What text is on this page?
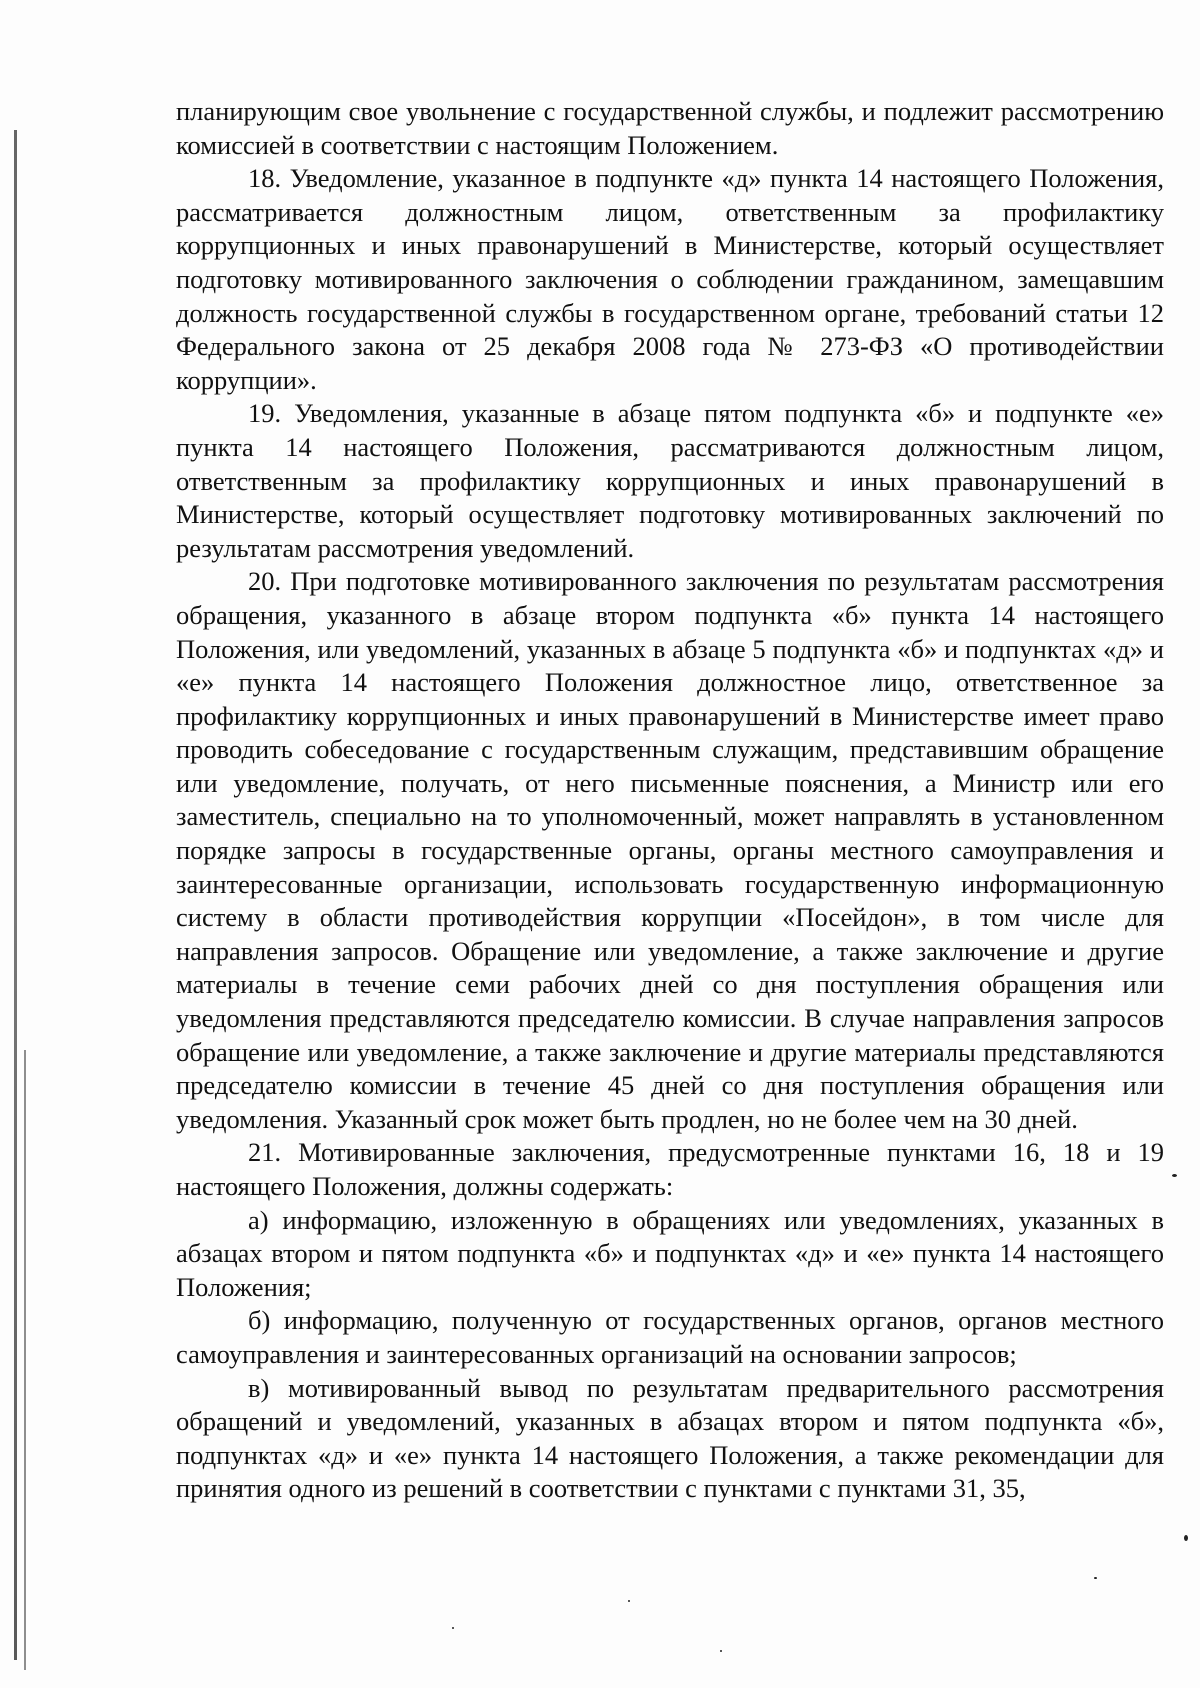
планирующим свое увольнение с государственной службы, и подлежит рассмотрению комиссией в соответствии с настоящим Положением.

18. Уведомление, указанное в подпункте «д» пункта 14 настоящего Положения, рассматривается должностным лицом, ответственным за профилактику коррупционных и иных правонарушений в Министерстве, который осуществляет подготовку мотивированного заключения о соблюдении гражданином, замещавшим должность государственной службы в государственном органе, требований статьи 12 Федерального закона от 25 декабря 2008 года № 273-ФЗ «О противодействии коррупции».

19. Уведомления, указанные в абзаце пятом подпункта «б» и подпункте «е» пункта 14 настоящего Положения, рассматриваются должностным лицом, ответственным за профилактику коррупционных и иных правонарушений в Министерстве, который осуществляет подготовку мотивированных заключений по результатам рассмотрения уведомлений.

20. При подготовке мотивированного заключения по результатам рассмотрения обращения, указанного в абзаце втором подпункта «б» пункта 14 настоящего Положения, или уведомлений, указанных в абзаце 5 подпункта «б» и подпунктах «д» и «е» пункта 14 настоящего Положения должностное лицо, ответственное за профилактику коррупционных и иных правонарушений в Министерстве имеет право проводить собеседование с государственным служащим, представившим обращение или уведомление, получать, от него письменные пояснения, а Министр или его заместитель, специально на то уполномоченный, может направлять в установленном порядке запросы в государственные органы, органы местного самоуправления и заинтересованные организации, использовать государственную информационную систему в области противодействия коррупции «Посейдон», в том числе для направления запросов. Обращение или уведомление, а также заключение и другие материалы в течение семи рабочих дней со дня поступления обращения или уведомления представляются председателю комиссии. В случае направления запросов обращение или уведомление, а также заключение и другие материалы представляются председателю комиссии в течение 45 дней со дня поступления обращения или уведомления. Указанный срок может быть продлен, но не более чем на 30 дней.

21. Мотивированные заключения, предусмотренные пунктами 16, 18 и 19 настоящего Положения, должны содержать:

а) информацию, изложенную в обращениях или уведомлениях, указанных в абзацах втором и пятом подпункта «б» и подпунктах «д» и «е» пункта 14 настоящего Положения;

б) информацию, полученную от государственных органов, органов местного самоуправления и заинтересованных организаций на основании запросов;

в) мотивированный вывод по результатам предварительного рассмотрения обращений и уведомлений, указанных в абзацах втором и пятом подпункта «б», подпунктах «д» и «е» пункта 14 настоящего Положения, а также рекомендации для принятия одного из решений в соответствии с пунктами с пунктами 31, 35,
